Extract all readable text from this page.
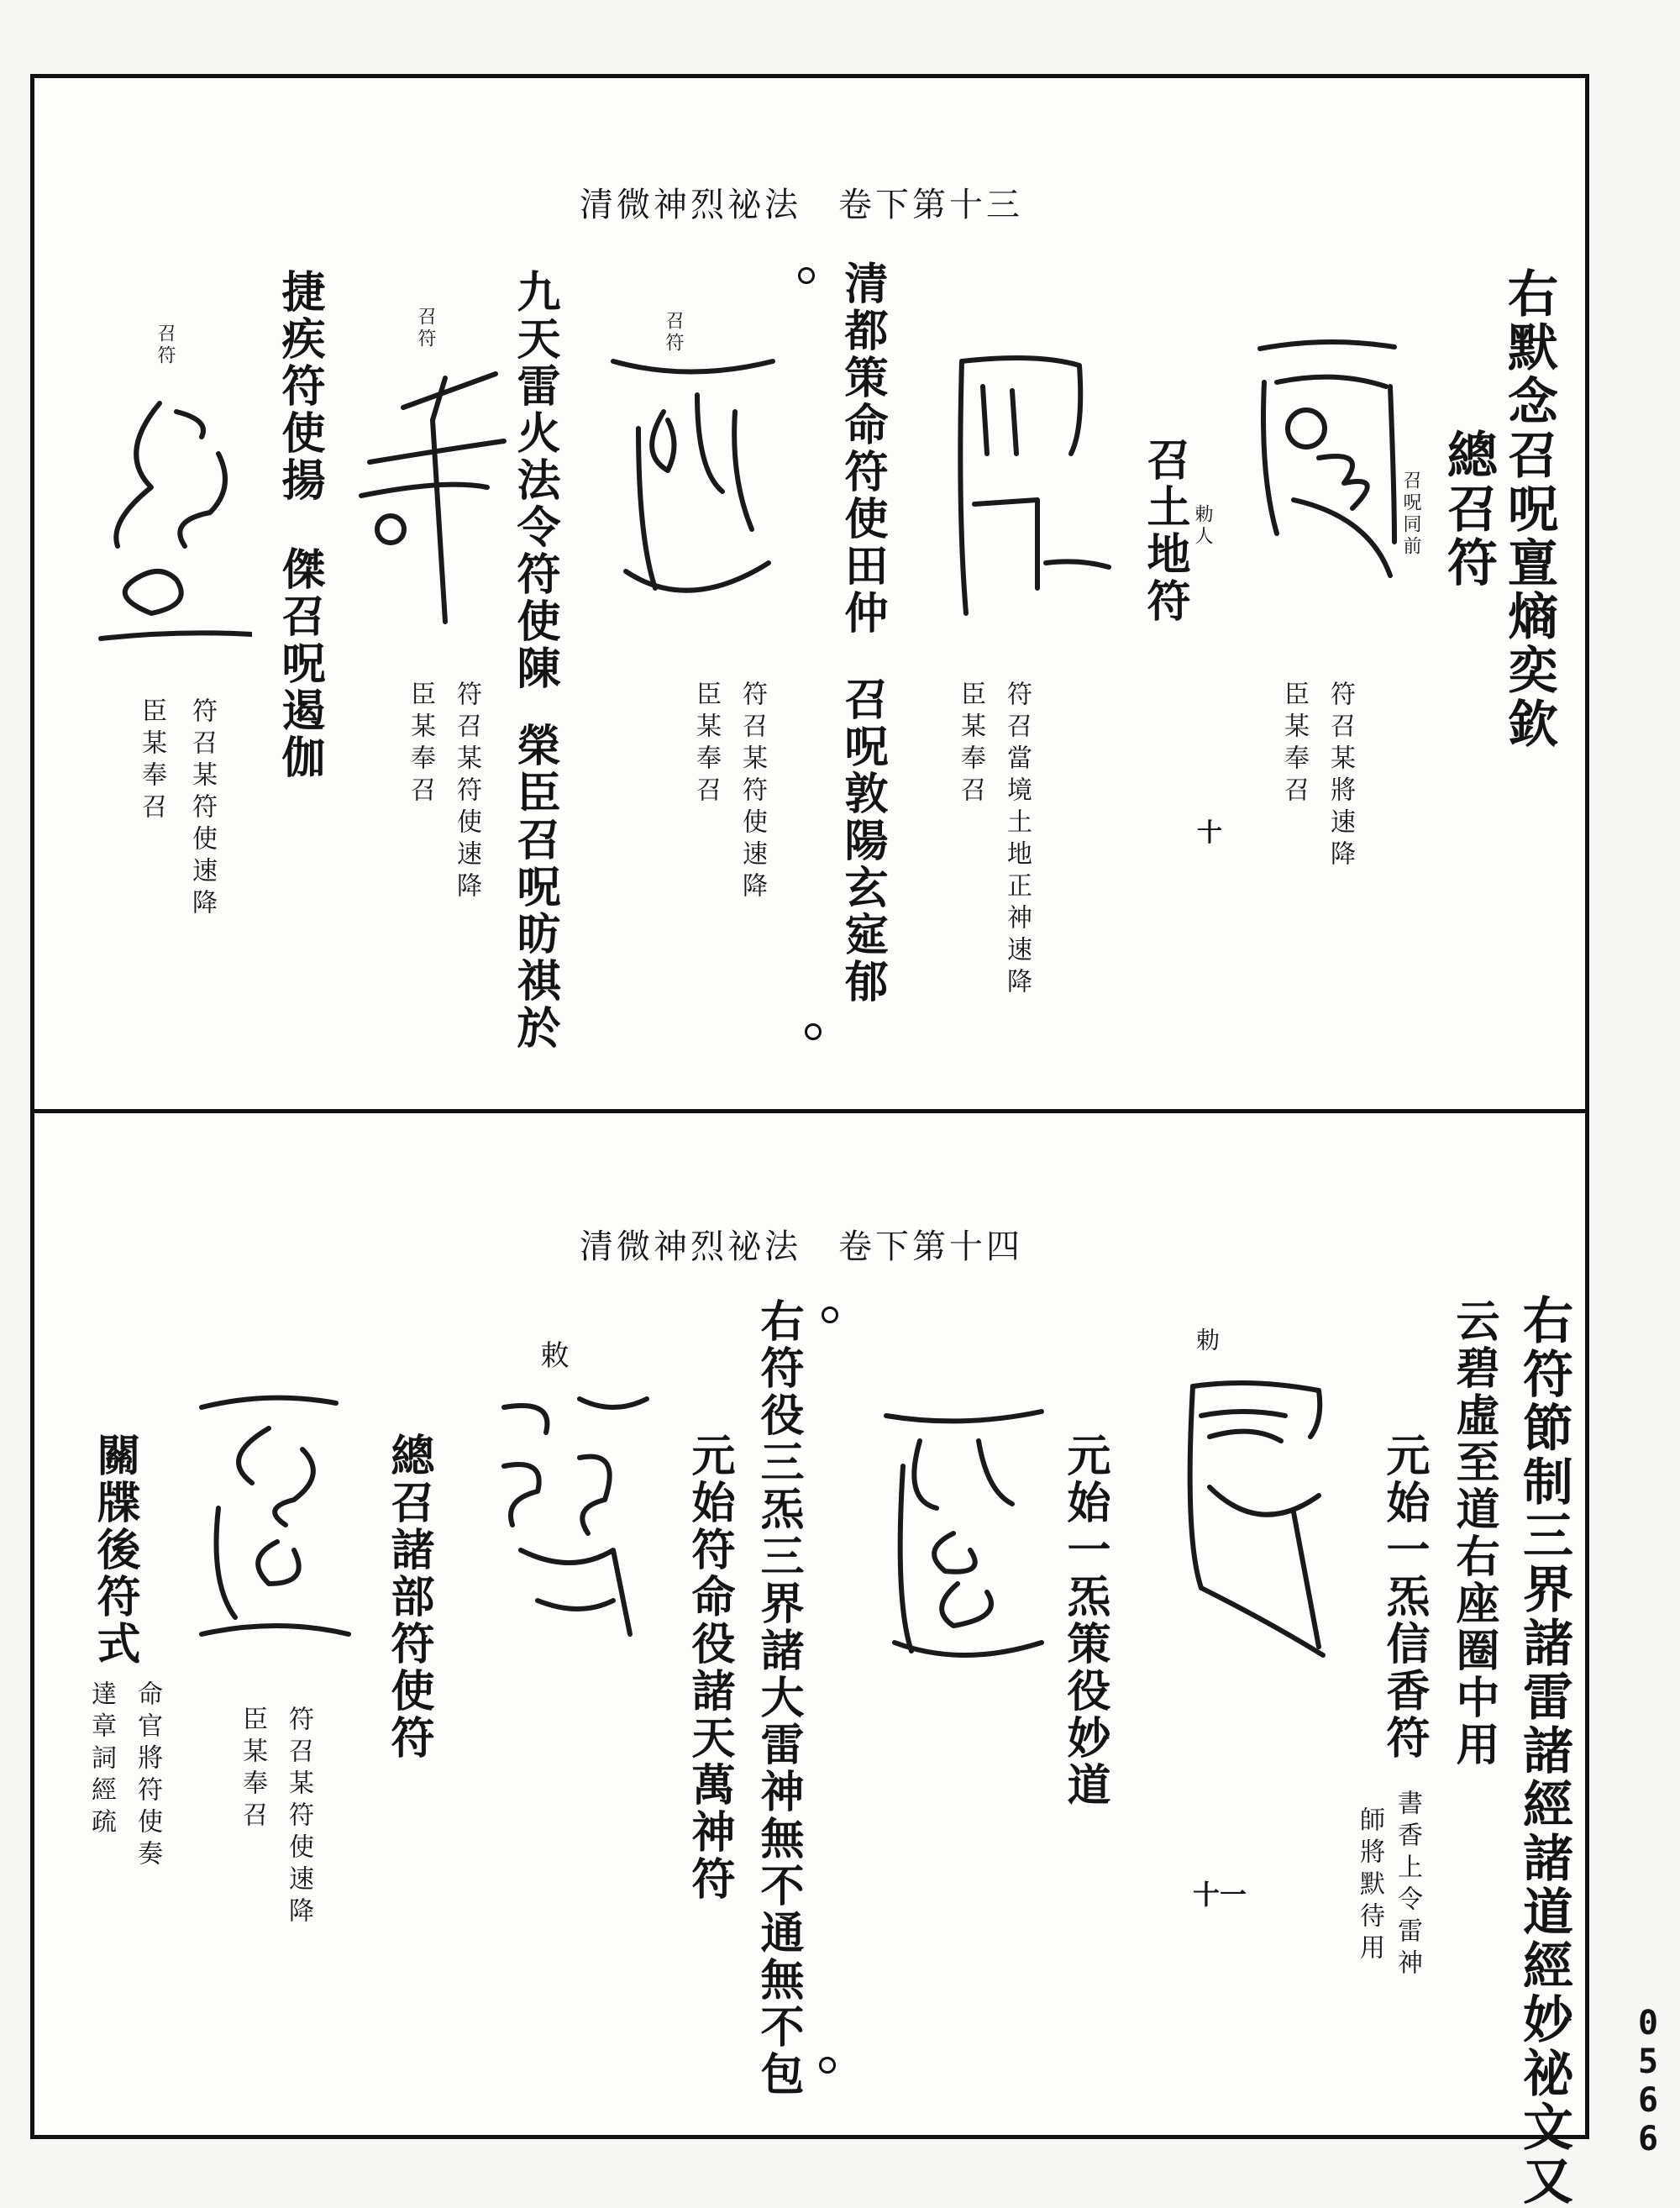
清微神烈祕法　卷下第十三
右默念召呪亶熵奕欽
總召符
召呪同前
符召某將速降
臣某奉召
召土地符 勅人
清都策命符使田仲
召呪敦陽玄㝚郁	符召當境土地正神速降
臣某奉召
九天雷火法令符使陳
榮臣召呪昉祺於	符召某符使速降
臣某奉召
捷疾符使揚
傑召呪遏伽
符召某符使速降
臣某奉召
符召某符使速降
臣某奉召
召符
召符
召符
十
清微神烈祕法　卷下第十四
右符節制三界諸雷諸經諸道經妙祕文又
云碧虛至道右座圈中用
元始一炁信香符
書香上令雷神
師將默待用
元始一炁策役妙道
右符役三炁三界諸大雷神無不通無不包
元始符命役諸天萬神符
總召諸部符使符
符召某符使速降
臣某奉召
關牒後符式
命官將符使奏
達章詞經疏
勅
敕
十一
0566
